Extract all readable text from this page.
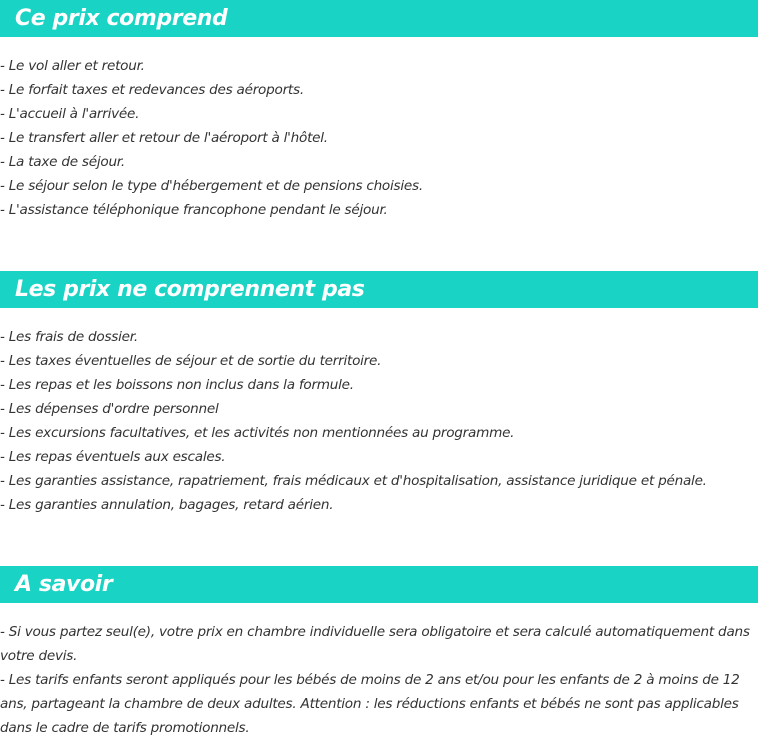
Ce prix comprend
- Le vol aller et retour.
- Le forfait taxes et redevances des aéroports.
- L'accueil à l'arrivée.
- Le transfert aller et retour de l'aéroport à l'hôtel.
- La taxe de séjour.
- Le séjour selon le type d'hébergement et de pensions choisies.
- L'assistance téléphonique francophone pendant le séjour.
Les prix ne comprennent pas
- Les frais de dossier.
- Les taxes éventuelles de séjour et de sortie du territoire.
- Les repas et les boissons non inclus dans la formule.
- Les dépenses d'ordre personnel
- Les excursions facultatives, et les activités non mentionnées au programme.
- Les repas éventuels aux escales.
- Les garanties assistance, rapatriement, frais médicaux et d'hospitalisation, assistance juridique et pénale.
- Les garanties annulation, bagages, retard aérien.
A savoir
- Si vous partez seul(e), votre prix en chambre individuelle sera obligatoire et sera calculé automatiquement dans votre devis.
- Les tarifs enfants seront appliqués pour les bébés de moins de 2 ans et/ou pour les enfants de 2 à moins de 12 ans, partageant la chambre de deux adultes. Attention : les réductions enfants et bébés ne sont pas applicables dans le cadre de tarifs promotionnels.
